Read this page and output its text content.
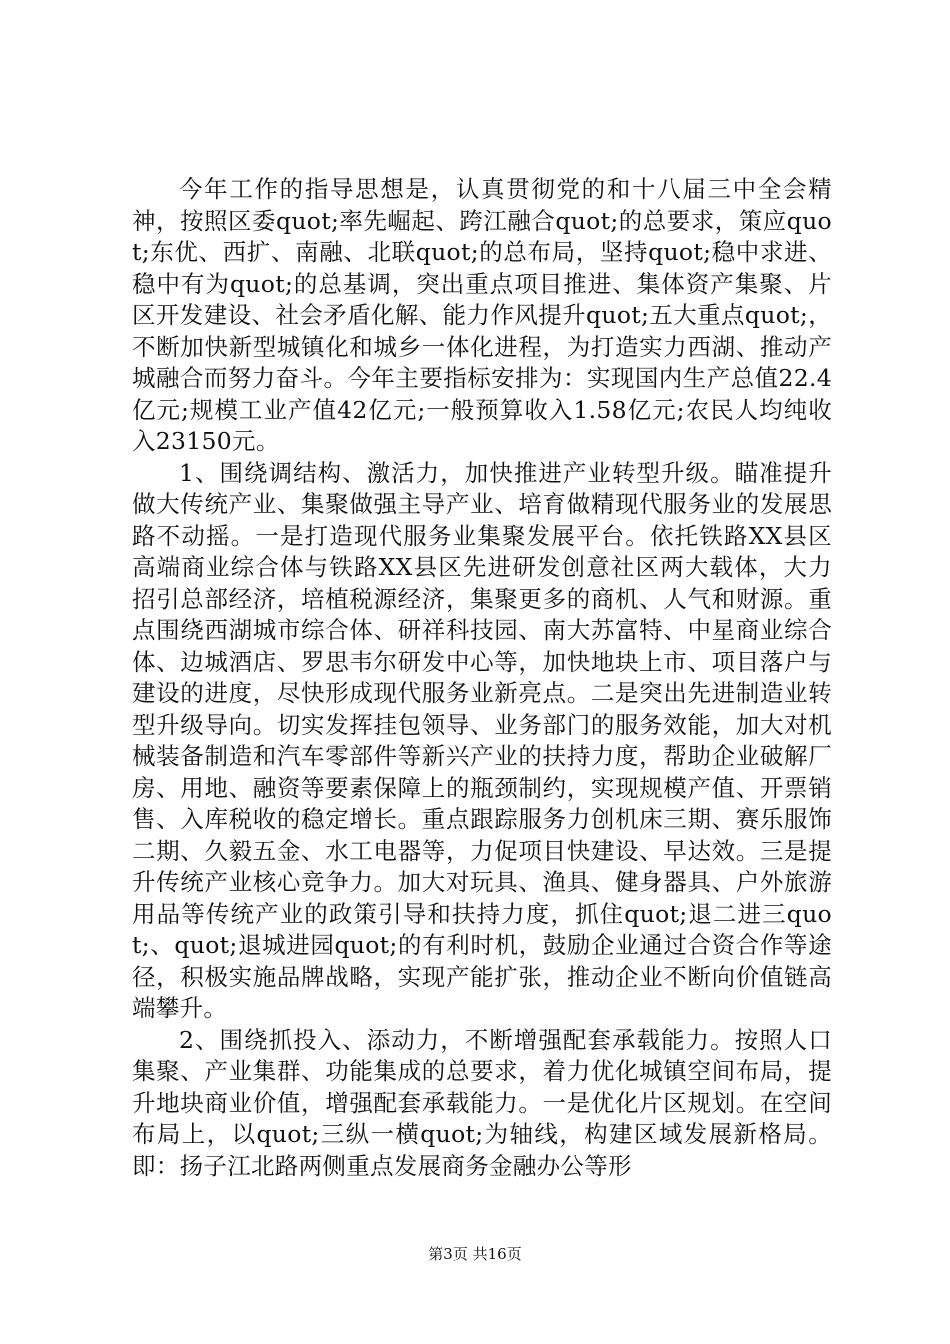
今年工作的指导思想是，认真贯彻党的和十八届三中全会精神，按照区委quot;率先崛起、跨江融合quot;的总要求，策应quot;东优、西扩、南融、北联quot;的总布局，坚持quot;稳中求进、稳中有为quot;的总基调，突出重点项目推进、集体资产集聚、片区开发建设、社会矛盾化解、能力作风提升quot;五大重点quot;，不断加快新型城镇化和城乡一体化进程，为打造实力西湖、推动产城融合而努力奋斗。今年主要指标安排为：实现国内生产总值22.4亿元;规模工业产值42亿元;一般预算收入1.58亿元;农民人均纯收入23150元。

1、围绕调结构、激活力，加快推进产业转型升级。瞄准提升做大传统产业、集聚做强主导产业、培育做精现代服务业的发展思路不动摇。一是打造现代服务业集聚发展平台。依托铁路XX县区高端商业综合体与铁路XX县区先进研发创意社区两大载体，大力招引总部经济，培植税源经济，集聚更多的商机、人气和财源。重点围绕西湖城市综合体、研祥科技园、南大苏富特、中星商业综合体、边城酒店、罗思韦尔研发中心等，加快地块上市、项目落户与建设的进度，尽快形成现代服务业新亮点。二是突出先进制造业转型升级导向。切实发挥挂包领导、业务部门的服务效能，加大对机械装备制造和汽车零部件等新兴产业的扶持力度，帮助企业破解厂房、用地、融资等要素保障上的瓶颈制约，实现规模产值、开票销售、入库税收的稳定增长。重点跟踪服务力创机床三期、赛乐服饰二期、久毅五金、水工电器等，力促项目快建设、早达效。三是提升传统产业核心竞争力。加大对玩具、渔具、健身器具、户外旅游用品等传统产业的政策引导和扶持力度，抓住quot;退二进三quot;、quot;退城进园quot;的有利时机，鼓励企业通过合资合作等途径，积极实施品牌战略，实现产能扩张，推动企业不断向价值链高端攀升。

2、围绕抓投入、添动力，不断增强配套承载能力。按照人口集聚、产业集群、功能集成的总要求，着力优化城镇空间布局，提升地块商业价值，增强配套承载能力。一是优化片区规划。在空间布局上，以quot;三纵一横quot;为轴线，构建区域发展新格局。即：扬子江北路两侧重点发展商务金融办公等形

第3页 共16页
